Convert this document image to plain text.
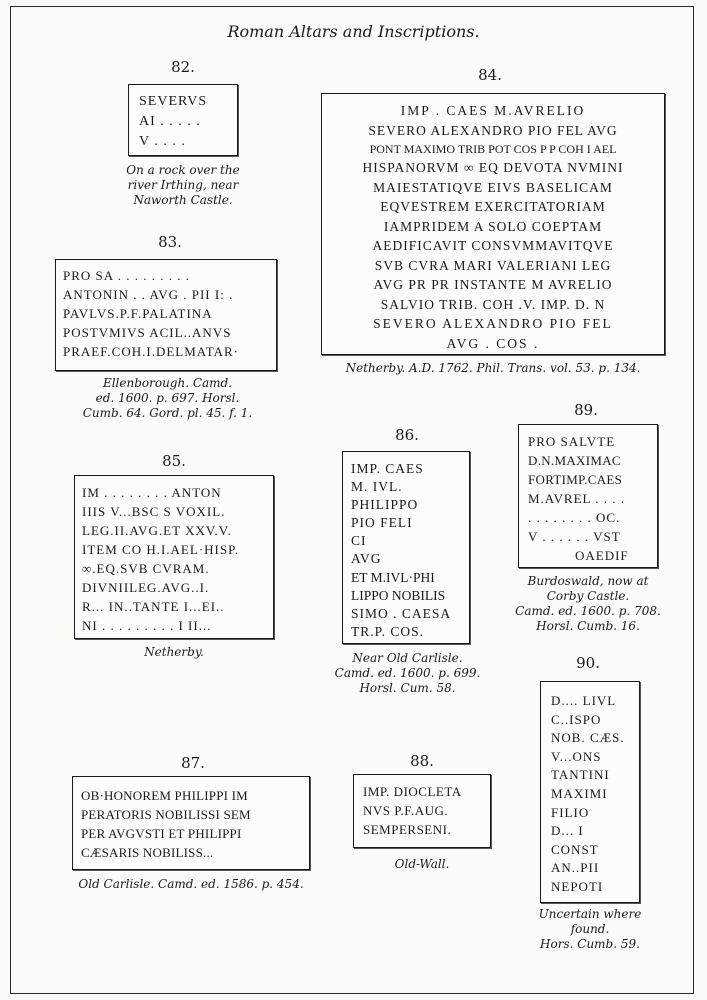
Roman Altars and Inscriptions.
82.
SEVERVS
AI . . . . .
V . . . .
On a rock over the
river Irthing, near
Naworth Castle.
83.
PRO SA . . . . . . . . .
ANTONIN . . AVG . PII I: .
PAVLVS.P.F.PALATINA
POSTVMIVS ACIL..ANVS
PRAEF.COH.I.DELMATAR·
Ellenborough. Camd.
ed. 1600. p. 697. Horsl.
Cumb. 64. Gord. pl. 45. f. 1.
84.
IMP . CAES M.AVRELIO
SEVERO ALEXANDRO PIO FEL AVG
PONT MAXIMO TRIB POT COS P P COH I AEL
HISPANORVM ∞ EQ DEVOTA NVMINI
MAIESTATIQVE EIVS BASELICAM
EQVESTREM EXERCITATORIAM
IAMPRIDEM A SOLO COEPTAM
AEDIFICAVIT CONSVMMAVITQVE
SVB CVRA MARI VALERIANI LEG
AVG PR PR INSTANTE M AVRELIO
SALVIO TRIB. COH .V. IMP. D. N
SEVERO ALEXANDRO PIO FEL
AVG . COS .
Netherby. A.D. 1762. Phil. Trans. vol. 53. p. 134.
85.
IM . . . . . . . . ANTON
IIIS V...BSC S VOXIL.
LEG.II.AVG.ET XXV.V.
ITEM CO H.I.AEL·HISP.
∞.EQ.SVB CVRAM.
DIVNIILEG.AVG..I.
R... IN..TANTE I...EI..
NI . . . . . . . . . I II...
Netherby.
86.
IMP. CAES
M. IVL.
PHILIPPO
PIO FELI
CI
AVG
ET M.IVL·PHI
LIPPO NOBILIS
SIMO . CAESA
TR.P. COS.
Near Old Carlisle.
Camd. ed. 1600. p. 699.
Horsl. Cum. 58.
87.
OB·HONOREM PHILIPPI IM
PERATORIS NOBILISSI SEM
PER AVGVSTI ET PHILIPPI
CÆSARIS NOBILISS...
Old Carlisle. Camd. ed. 1586. p. 454.
88.
IMP. DIOCLETA
NVS P.F.AUG.
SEMPERSENI.
Old-Wall.
89.
PRO SALVTE
D.N.MAXIMAC
FORTIMP.CAES
M.AVREL . . . .
. . . . . . . . OC.
V . . . . . . VST
OAEDIF
Burdoswald, now at
Corby Castle.
Camd. ed. 1600. p. 708.
Horsl. Cumb. 16.
90.
D.... LIVL
C..ISPO
NOB. CÆS.
V...ONS
TANTINI
MAXIMI
FILIO
D... I
CONST
AN..PII
NEPOTI
Uncertain where
found.
Hors. Cumb. 59.
